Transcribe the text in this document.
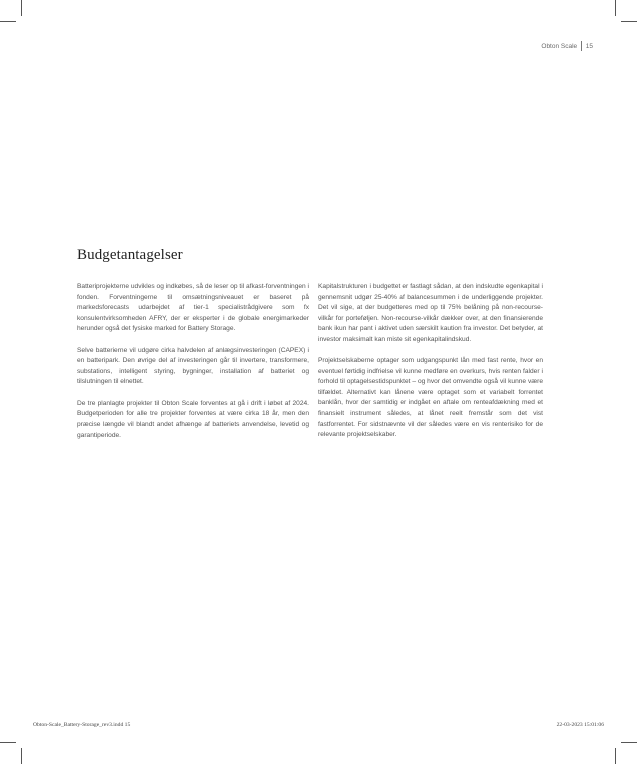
Obton Scale 15
Budgetantagelser

Batteriprojekterne udvikles og indkøbes, så de leser op til afkast-forventningen i fonden. Forventningerne til omsætningsniveauet er baseret på markedsforecasts udarbejdet af tier-1 specialistrådgivere som fx konsulentvirksomheden AFRY, der er eksperter i de globale energimarkeder herunder også det fysiske marked for Battery Storage.

Selve batterierne vil udgøre cirka halvdelen af anlægsinvesteringen (CAPEX) i en batteripark. Den øvrige del af investeringen går til invertere, transformere, substations, intelligent styring, bygninger, installation af batteriet og tilslutningen til elnettet.

De tre planlagte projekter til Obton Scale forventes at gå i drift i løbet af 2024. Budgetperioden for alle tre projekter forventes at være cirka 18 år, men den præcise længde vil blandt andet afhænge af batteriets anvendelse, levetid og garantiperiode.

Kapitalstrukturen i budgettet er fastlagt sådan, at den indskudte egenkapital i gennemsnit udgør 25-40% af balancesummen i de underliggende projekter. Det vil sige, at der budgetteres med op til 75% belåning på non-recourse-vilkår for porteføljen. Non-recourse-vilkår dækker over, at den finansierende bank ikun har pant i aktivet uden særskilt kaution fra investor. Det betyder, at investor maksimalt kan miste sit egenkapitalindskud.

Projektselskaberne optager som udgangspunkt lån med fast rente, hvor en eventuel førtidig indfrielse vil kunne medføre en overkurs, hvis renten falder i forhold til optagelsestidspunktet – og hvor det omvendte også vil kunne være tilfældet. Alternativt kan lånene være optaget som et variabelt forrentet banklån, hvor der samtidig er indgået en aftale om renteafdækning med et finansielt instrument således, at lånet reelt fremstår som det vist fastforrentet. For sidstnævnte vil der således være en vis renterisiko for de relevante projektselskaber.

Obton-Scale_Battery-Storage_rev3.indd 15	22-03-2023 15:01:06
